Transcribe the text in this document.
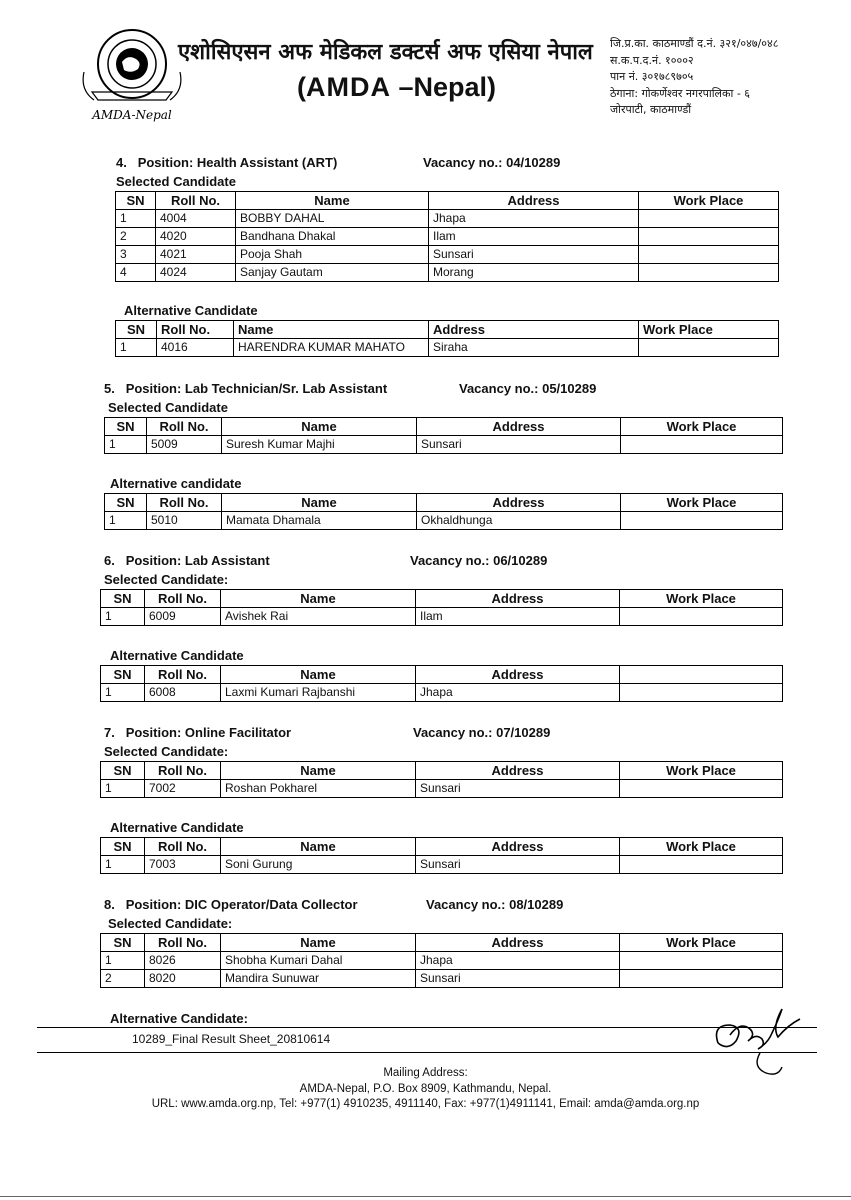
AMDA-Nepal
एशोसिएसन अफ मेडिकल डक्टर्स अफ एसिया नेपाल
(AMDA –Nepal)
जि.प्र.का. काठमाण्डौं द.नं. ३२१/०४७/०४८
स.क.प.द.नं. १०००२
पान नं. ३०१७८९७०५
ठेगाना: गोकर्णेश्वर नगरपालिका - ६
जोरपाटी, काठमाण्डौं
4. Position: Health Assistant (ART)	Vacancy no.: 04/10289
Selected Candidate
SN	Roll No.	Name	Address	Work Place
1	4004	BOBBY DAHAL	Jhapa	
2	4020	Bandhana Dhakal	Ilam	
3	4021	Pooja Shah	Sunsari	
4	4024	Sanjay Gautam	Morang	
Alternative Candidate
SN	Roll No.	Name	Address	Work Place
1	4016	HARENDRA KUMAR MAHATO	Siraha	
5. Position: Lab Technician/Sr. Lab Assistant	Vacancy no.: 05/10289
Selected Candidate
SN	Roll No.	Name	Address	Work Place
1	5009	Suresh Kumar Majhi	Sunsari	
Alternative candidate
SN	Roll No.	Name	Address	Work Place
1	5010	Mamata Dhamala	Okhaldhunga	
6. Position: Lab Assistant	Vacancy no.: 06/10289
Selected Candidate:
SN	Roll No.	Name	Address	Work Place
1	6009	Avishek Rai	Ilam	
Alternative Candidate
SN	Roll No.	Name	Address	
1	6008	Laxmi Kumari Rajbanshi	Jhapa	
7. Position: Online Facilitator	Vacancy no.: 07/10289
Selected Candidate:
SN	Roll No.	Name	Address	Work Place
1	7002	Roshan Pokharel	Sunsari	
Alternative Candidate
SN	Roll No.	Name	Address	Work Place
1	7003	Soni Gurung	Sunsari	
8. Position: DIC Operator/Data Collector	Vacancy no.: 08/10289
Selected Candidate:
SN	Roll No.	Name	Address	Work Place
1	8026	Shobha Kumari Dahal	Jhapa	
2	8020	Mandira Sunuwar	Sunsari	
Alternative Candidate:
10289_Final Result Sheet_20810614
Mailing Address:
AMDA-Nepal, P.O. Box 8909, Kathmandu, Nepal.
URL: www.amda.org.np, Tel: +977(1) 4910235, 4911140, Fax: +977(1)4911141, Email: amda@amda.org.np
